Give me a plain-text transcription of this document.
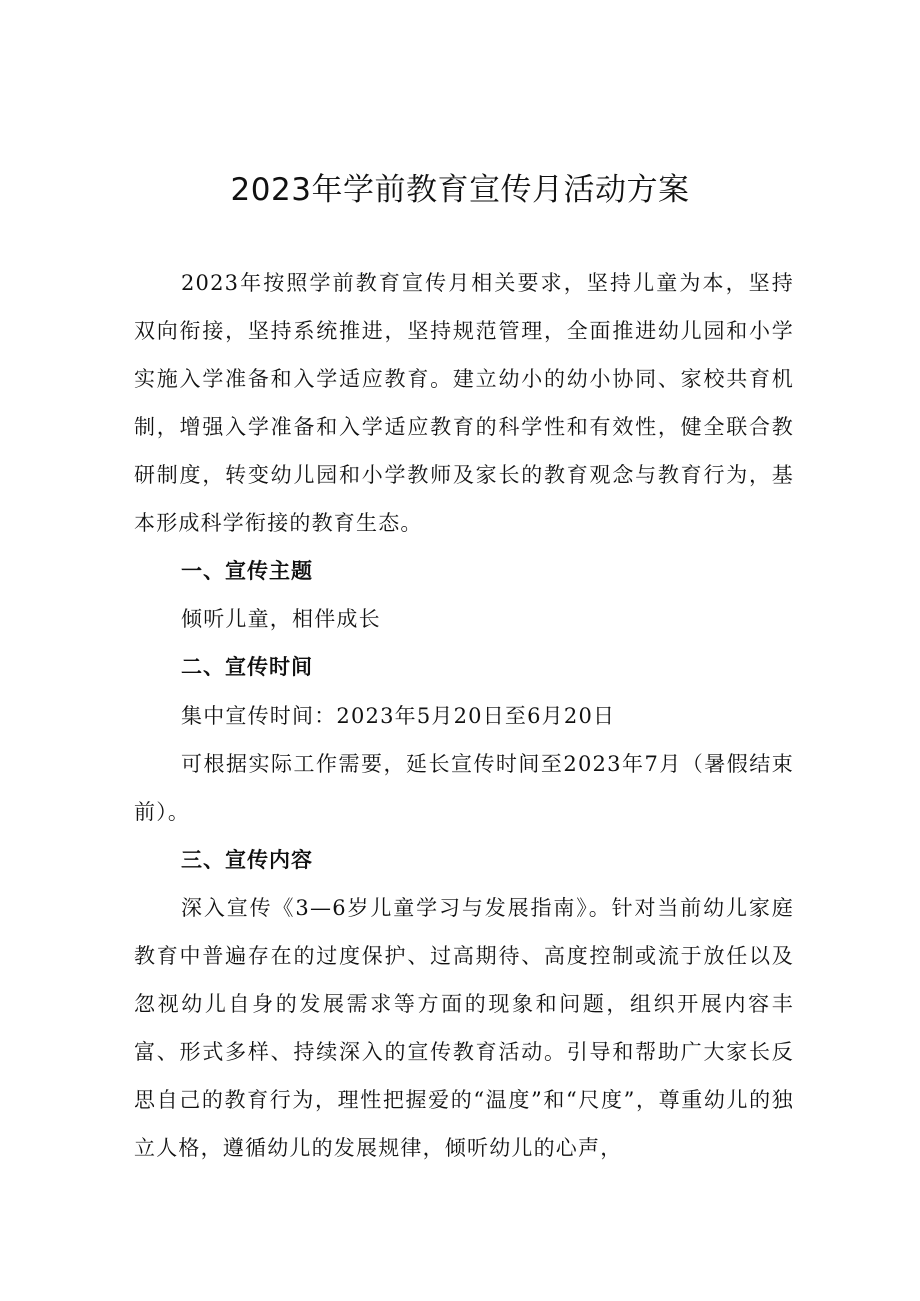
2023年学前教育宣传月活动方案

2023年按照学前教育宣传月相关要求，坚持儿童为本，坚持双向衔接，坚持系统推进，坚持规范管理，全面推进幼儿园和小学实施入学准备和入学适应教育。建立幼小的幼小协同、家校共育机制，增强入学准备和入学适应教育的科学性和有效性，健全联合教研制度，转变幼儿园和小学教师及家长的教育观念与教育行为，基本形成科学衔接的教育生态。

一、宣传主题

倾听儿童，相伴成长

二、宣传时间

集中宣传时间：2023年5月20日至6月20日

可根据实际工作需要，延长宣传时间至2023年7月（暑假结束前）。

三、宣传内容

深入宣传《3—6岁儿童学习与发展指南》。针对当前幼儿家庭教育中普遍存在的过度保护、过高期待、高度控制或流于放任以及忽视幼儿自身的发展需求等方面的现象和问题，组织开展内容丰富、形式多样、持续深入的宣传教育活动。引导和帮助广大家长反思自己的教育行为，理性把握爱的“温度”和“尺度”，尊重幼儿的独立人格，遵循幼儿的发展规律，倾听幼儿的心声，
